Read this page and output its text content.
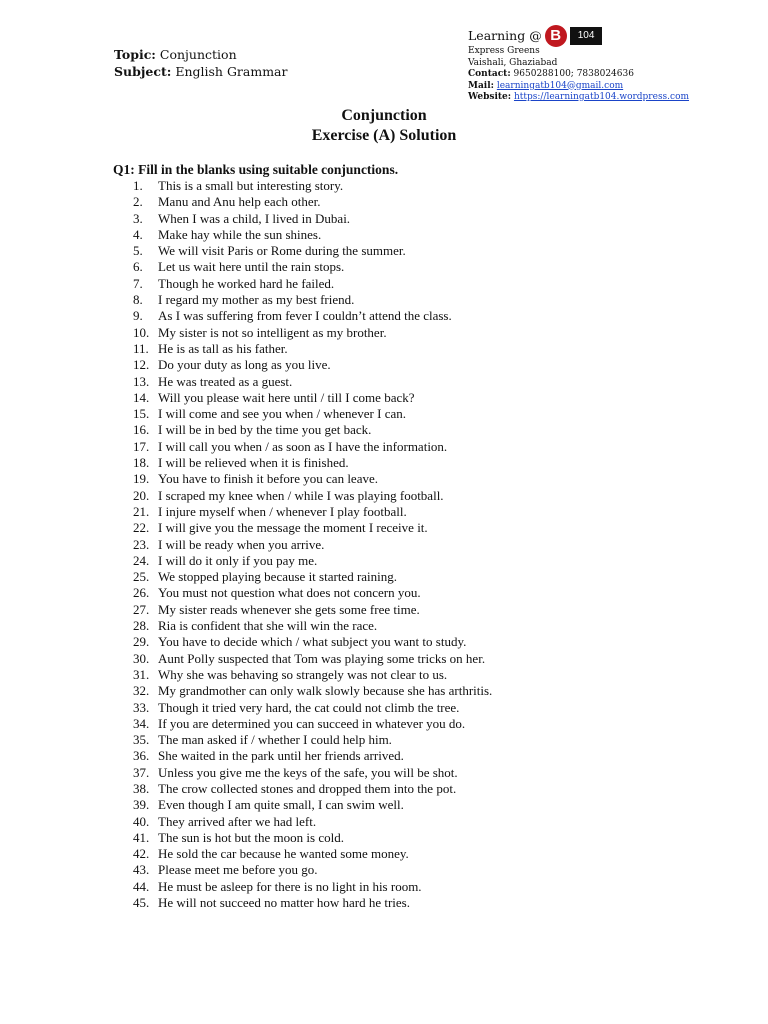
Topic: Conjunction
Subject: English Grammar
Learning @ B	104
Express Greens
Vaishali, Ghaziabad
Contact: 9650288100; 7838024636
Mail: learningatb104@gmail.com
Website: https://learningatb104.wordpress.com
Conjunction
Exercise (A) Solution
Q1: Fill in the blanks using suitable conjunctions.
1.	This is a small but interesting story.
2.	Manu and Anu help each other.
3.	When I was a child, I lived in Dubai.
4.	Make hay while the sun shines.
5.	We will visit Paris or Rome during the summer.
6.	Let us wait here until the rain stops.
7.	Though he worked hard he failed.
8.	I regard my mother as my best friend.
9.	As I was suffering from fever I couldn’t attend the class.
10. My sister is not so intelligent as my brother.
11. He is as tall as his father.
12. Do your duty as long as you live.
13. He was treated as a guest.
14. Will you please wait here until / till I come back?
15. I will come and see you when / whenever I can.
16. I will be in bed by the time you get back.
17. I will call you when / as soon as I have the information.
18. I will be relieved when it is finished.
19. You have to finish it before you can leave.
20. I scraped my knee when / while I was playing football.
21. I injure myself when / whenever I play football.
22. I will give you the message the moment I receive it.
23. I will be ready when you arrive.
24. I will do it only if you pay me.
25. We stopped playing because it started raining.
26. You must not question what does not concern you.
27. My sister reads whenever she gets some free time.
28. Ria is confident that she will win the race.
29. You have to decide which / what subject you want to study.
30. Aunt Polly suspected that Tom was playing some tricks on her.
31. Why she was behaving so strangely was not clear to us.
32. My grandmother can only walk slowly because she has arthritis.
33. Though it tried very hard, the cat could not climb the tree.
34. If you are determined you can succeed in whatever you do.
35. The man asked if / whether I could help him.
36. She waited in the park until her friends arrived.
37. Unless you give me the keys of the safe, you will be shot.
38. The crow collected stones and dropped them into the pot.
39. Even though I am quite small, I can swim well.
40. They arrived after we had left.
41. The sun is hot but the moon is cold.
42. He sold the car because he wanted some money.
43. Please meet me before you go.
44. He must be asleep for there is no light in his room.
45. He will not succeed no matter how hard he tries.
